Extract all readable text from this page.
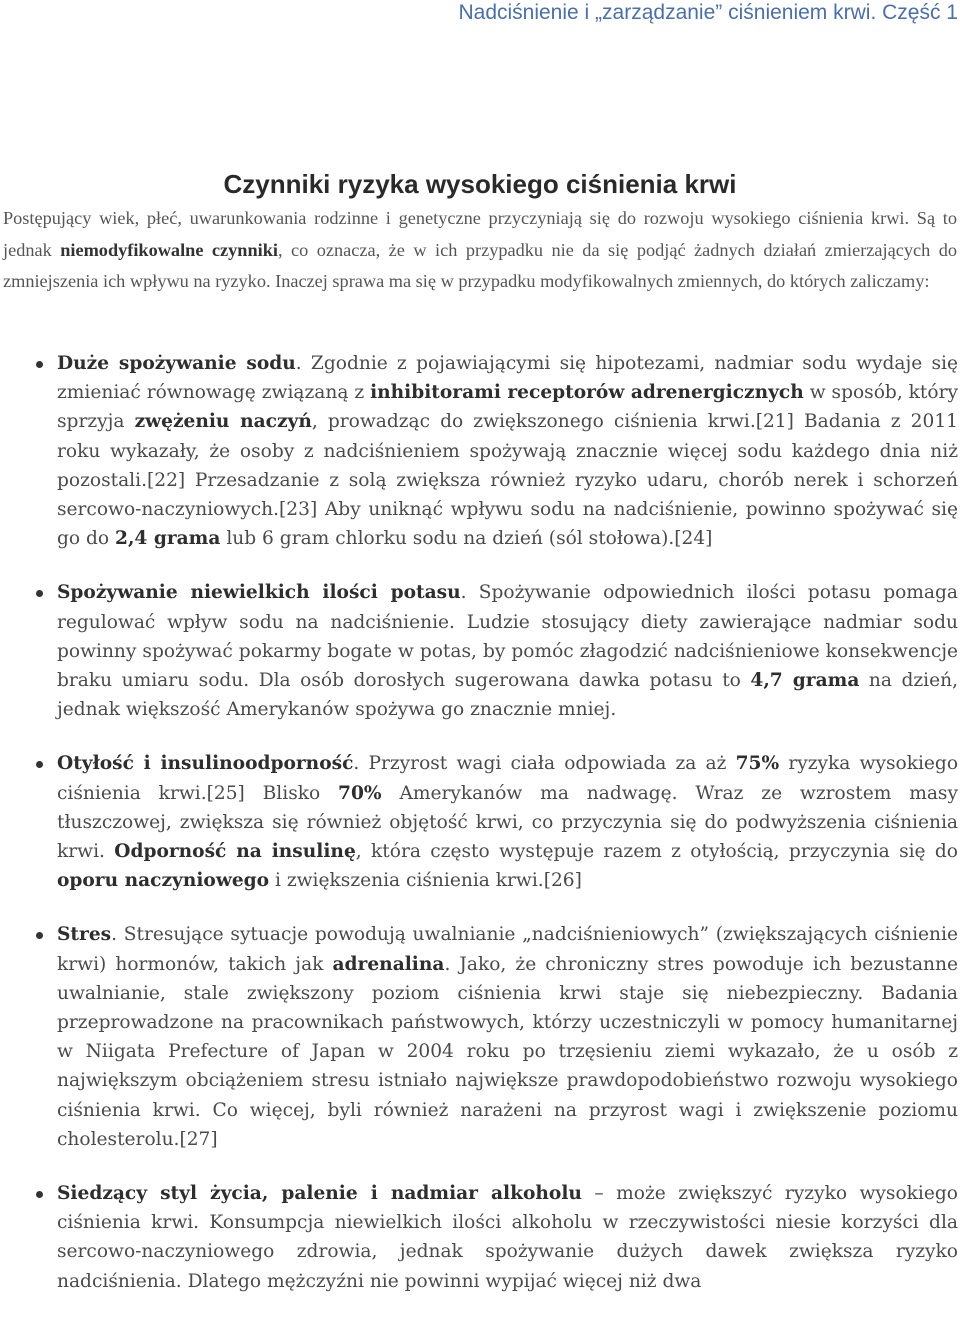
Nadciśnienie i „zarządzanie” ciśnieniem krwi. Część 1
Czynniki ryzyka wysokiego ciśnienia krwi

Postępujący wiek, płeć, uwarunkowania rodzinne i genetyczne przyczyniają się do rozwoju wysokiego ciśnienia krwi. Są to jednak niemodyfikowalne czynniki, co oznacza, że w ich przypadku nie da się podjąć żadnych działań zmierzających do zmniejszenia ich wpływu na ryzyko. Inaczej sprawa ma się w przypadku modyfikowalnych zmiennych, do których zaliczamy:

Duże spożywanie sodu. Zgodnie z pojawiającymi się hipotezami, nadmiar sodu wydaje się zmieniać równowagę związaną z inhibitorami receptorów adrenergicznych w sposób, który sprzyja zwężeniu naczyń, prowadząc do zwiększonego ciśnienia krwi.[21] Badania z 2011 roku wykazały, że osoby z nadciśnieniem spożywają znacznie więcej sodu każdego dnia niż pozostali.[22] Przesadzanie z solą zwiększa również ryzyko udaru, chorób nerek i schorzeń sercowo-naczyniowych.[23] Aby uniknąć wpływu sodu na nadciśnienie, powinno spożywać się go do 2,4 grama lub 6 gram chlorku sodu na dzień (sól stołowa).[24]
Spożywanie niewielkich ilości potasu. Spożywanie odpowiednich ilości potasu pomaga regulować wpływ sodu na nadciśnienie. Ludzie stosujący diety zawierające nadmiar sodu powinny spożywać pokarmy bogate w potas, by pomóc złagodzić nadciśnieniowe konsekwencje braku umiaru sodu. Dla osób dorosłych sugerowana dawka potasu to 4,7 grama na dzień, jednak większość Amerykanów spożywa go znacznie mniej.
Otyłość i insulinoodporność. Przyrost wagi ciała odpowiada za aż 75% ryzyka wysokiego ciśnienia krwi.[25] Blisko 70% Amerykanów ma nadwagę. Wraz ze wzrostem masy tłuszczowej, zwiększa się również objętość krwi, co przyczynia się do podwyższenia ciśnienia krwi. Odporność na insulinę, która często występuje razem z otyłością, przyczynia się do oporu naczyniowego i zwiększenia ciśnienia krwi.[26]
Stres. Stresujące sytuacje powodują uwalnianie „nadciśnieniowych” (zwiększających ciśnienie krwi) hormonów, takich jak adrenalina. Jako, że chroniczny stres powoduje ich bezustanne uwalnianie, stale zwiększony poziom ciśnienia krwi staje się niebezpieczny. Badania przeprowadzone na pracownikach państwowych, którzy uczestniczyli w pomocy humanitarnej w Niigata Prefecture of Japan w 2004 roku po trzęsieniu ziemi wykazało, że u osób z największym obciążeniem stresu istniało największe prawdopodobieństwo rozwoju wysokiego ciśnienia krwi. Co więcej, byli również narażeni na przyrost wagi i zwiększenie poziomu cholesterolu.[27]
Siedzący styl życia, palenie i nadmiar alkoholu – może zwiększyć ryzyko wysokiego ciśnienia krwi. Konsumpcja niewielkich ilości alkoholu w rzeczywistości niesie korzyści dla sercowo-naczyniowego zdrowia, jednak spożywanie dużych dawek zwiększa ryzyko nadciśnienia. Dlatego mężczyźni nie powinni wypijać więcej niż dwa
